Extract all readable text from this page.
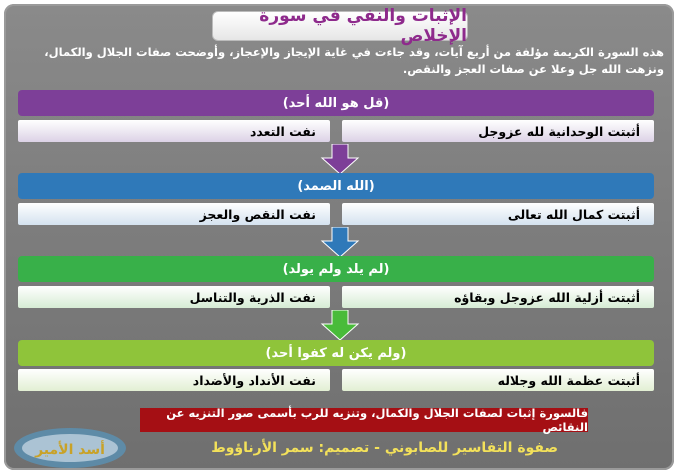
الإثبات والنفي في سورة الإخلاص
هذه السورة الكريمة مؤلفة من أربع آيات، وقد جاءت في غاية الإيجاز والإعجاز، وأوضحت صفات الجلال والكمال، ونزهت الله جل وعلا عن صفات العجز والنقص.
(قل هو الله أحد)
أثبتت الوحدانية لله عزوجل
نفت التعدد
(الله الصمد)
أثبتت كمال الله تعالى
نفت النقص والعجز
(لم يلد ولم يولد)
أثبتت أزلية الله عزوجل وبقاؤه
نفت الذرية والتناسل
(ولم يكن له كفوا أحد)
أثبتت عظمة الله وجلاله
نفت الأنداد والأضداد
فالسورة إثبات لصفات الجلال والكمال، وتنزيه للرب بأسمى صور التنزيه عن النقائص
صفوة التفاسير للصابوني - تصميم: سمر الأرناؤوط
أسد الأمير
